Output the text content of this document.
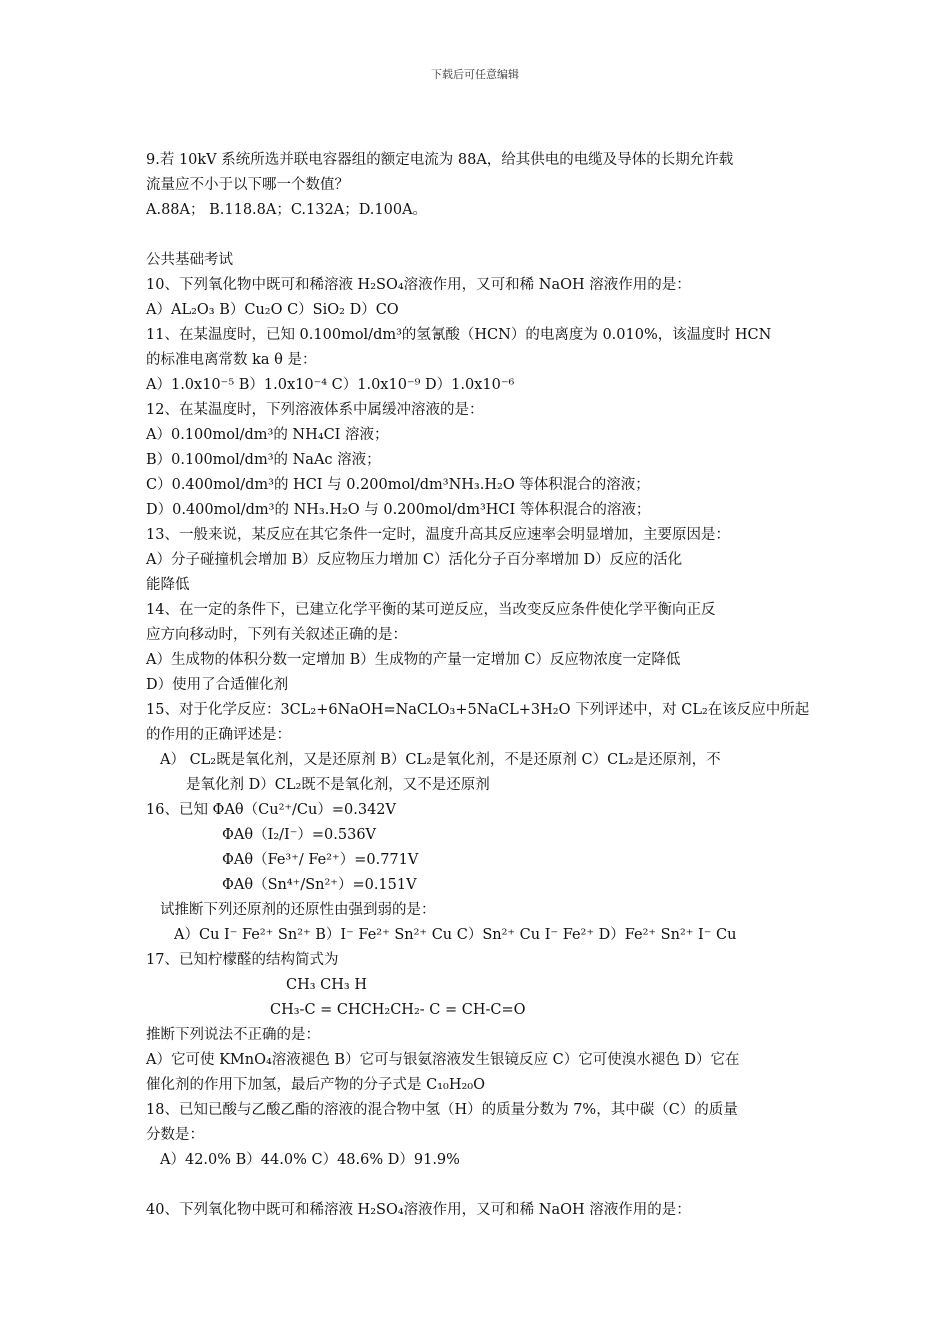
下载后可任意编辑
9.若 10kV 系统所选并联电容器组的额定电流为 88A，给其供电的电缆及导体的长期允许载
流量应不小于以下哪一个数值？
A.88A； B.118.8A；C.132A；D.100A。
公共基础考试
10、下列氧化物中既可和稀溶液 H₂SO₄溶液作用，又可和稀 NaOH 溶液作用的是：
A）AL₂O₃ B）Cu₂O C）SiO₂ D）CO
11、在某温度时，已知 0.100mol/dm³的氢氰酸（HCN）的电离度为 0.010%，该温度时 HCN
的标准电离常数 ka θ 是：
A）1.0x10⁻⁵ B）1.0x10⁻⁴ C）1.0x10⁻⁹ D）1.0x10⁻⁶
12、在某温度时，下列溶液体系中属缓冲溶液的是：
A）0.100mol/dm³的 NH₄CI 溶液；
B）0.100mol/dm³的 NaAc 溶液；
C）0.400mol/dm³的 HCI 与 0.200mol/dm³NH₃.H₂O 等体积混合的溶液；
D）0.400mol/dm³的 NH₃.H₂O 与 0.200mol/dm³HCI 等体积混合的溶液；
13、一般来说，某反应在其它条件一定时，温度升高其反应速率会明显增加，主要原因是：
A）分子碰撞机会增加 B）反应物压力增加 C）活化分子百分率增加 D）反应的活化
能降低
14、在一定的条件下，已建立化学平衡的某可逆反应，当改变反应条件使化学平衡向正反
应方向移动时，下列有关叙述正确的是：
A）生成物的体积分数一定增加 B）生成物的产量一定增加 C）反应物浓度一定降低
D）使用了合适催化剂
15、对于化学反应：3CL₂+6NaOH=NaCLO₃+5NaCL+3H₂O 下列评述中，对 CL₂在该反应中所起
的作用的正确评述是：
A） CL₂既是氧化剂，又是还原剂 B）CL₂是氧化剂，不是还原剂 C）CL₂是还原剂，不
是氧化剂 D）CL₂既不是氧化剂，又不是还原剂
16、已知 ΦAθ（Cu²⁺/Cu）=0.342V
ΦAθ（I₂/I⁻）=0.536V
ΦAθ（Fe³⁺/ Fe²⁺）=0.771V
ΦAθ（Sn⁴⁺/Sn²⁺）=0.151V
试推断下列还原剂的还原性由强到弱的是：
A）Cu I⁻ Fe²⁺ Sn²⁺ B）I⁻ Fe²⁺ Sn²⁺ Cu C）Sn²⁺ Cu I⁻ Fe²⁺ D）Fe²⁺ Sn²⁺ I⁻ Cu
17、已知柠檬醛的结构简式为
CH₃ CH₃ H
CH₃-C = CHCH₂CH₂- C = CH-C=O
推断下列说法不正确的是：
A）它可使 KMnO₄溶液褪色 B）它可与银氨溶液发生银镜反应 C）它可使溴水褪色 D）它在
催化剂的作用下加氢，最后产物的分子式是 C₁₀H₂₀O
18、已知已酸与乙酸乙酯的溶液的混合物中氢（H）的质量分数为 7%，其中碳（C）的质量
分数是：
A）42.0% B）44.0% C）48.6% D）91.9%
40、下列氧化物中既可和稀溶液 H₂SO₄溶液作用，又可和稀 NaOH 溶液作用的是：
